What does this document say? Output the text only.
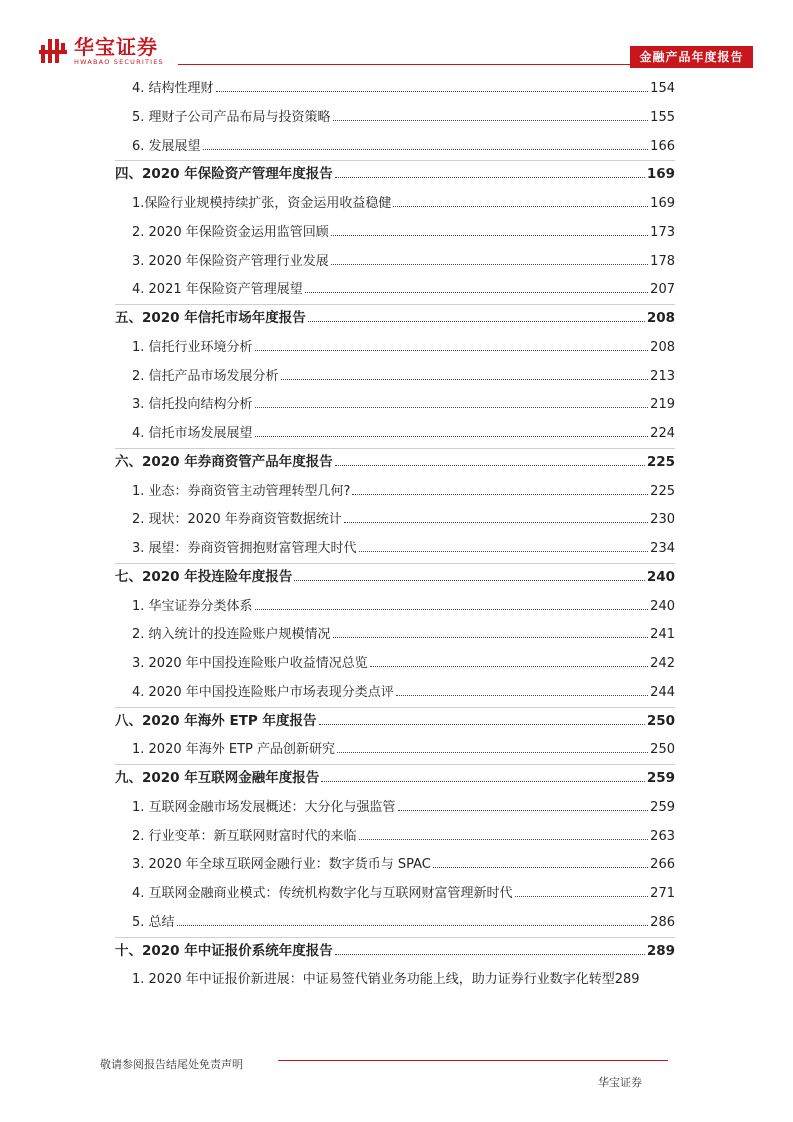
华宝证券
HWABAO SECURITIES	金融产品年度报告
4. 结构性理财	154
5. 理财子公司产品布局与投资策略	155
6. 发展展望	166
四、2020 年保险资产管理年度报告	169
1.保险行业规模持续扩张，资金运用收益稳健	169
2. 2020 年保险资金运用监管回顾	173
3. 2020 年保险资产管理行业发展	178
4. 2021 年保险资产管理展望	207
五、2020 年信托市场年度报告	208
1. 信托行业环境分析	208
2. 信托产品市场发展分析	213
3. 信托投向结构分析	219
4. 信托市场发展展望	224
六、2020 年券商资管产品年度报告	225
1. 业态：券商资管主动管理转型几何?	225
2. 现状：2020 年券商资管数据统计	230
3. 展望：券商资管拥抱财富管理大时代	234
七、2020 年投连险年度报告	240
1. 华宝证券分类体系	240
2. 纳入统计的投连险账户规模情况	241
3. 2020 年中国投连险账户收益情况总览	242
4. 2020 年中国投连险账户市场表现分类点评	244
八、2020 年海外 ETP 年度报告	250
1. 2020 年海外 ETP 产品创新研究	250
九、2020 年互联网金融年度报告	259
1. 互联网金融市场发展概述：大分化与强监管	259
2. 行业变革：新互联网财富时代的来临	263
3. 2020 年全球互联网金融行业：数字货币与 SPAC	266
4. 互联网金融商业模式：传统机构数字化与互联网财富管理新时代	271
5. 总结	286
十、2020 年中证报价系统年度报告	289
1. 2020 年中证报价新进展：中证易签代销业务功能上线，助力证券行业数字化转型 289
敬请参阅报告结尾处免责声明
华宝证券
